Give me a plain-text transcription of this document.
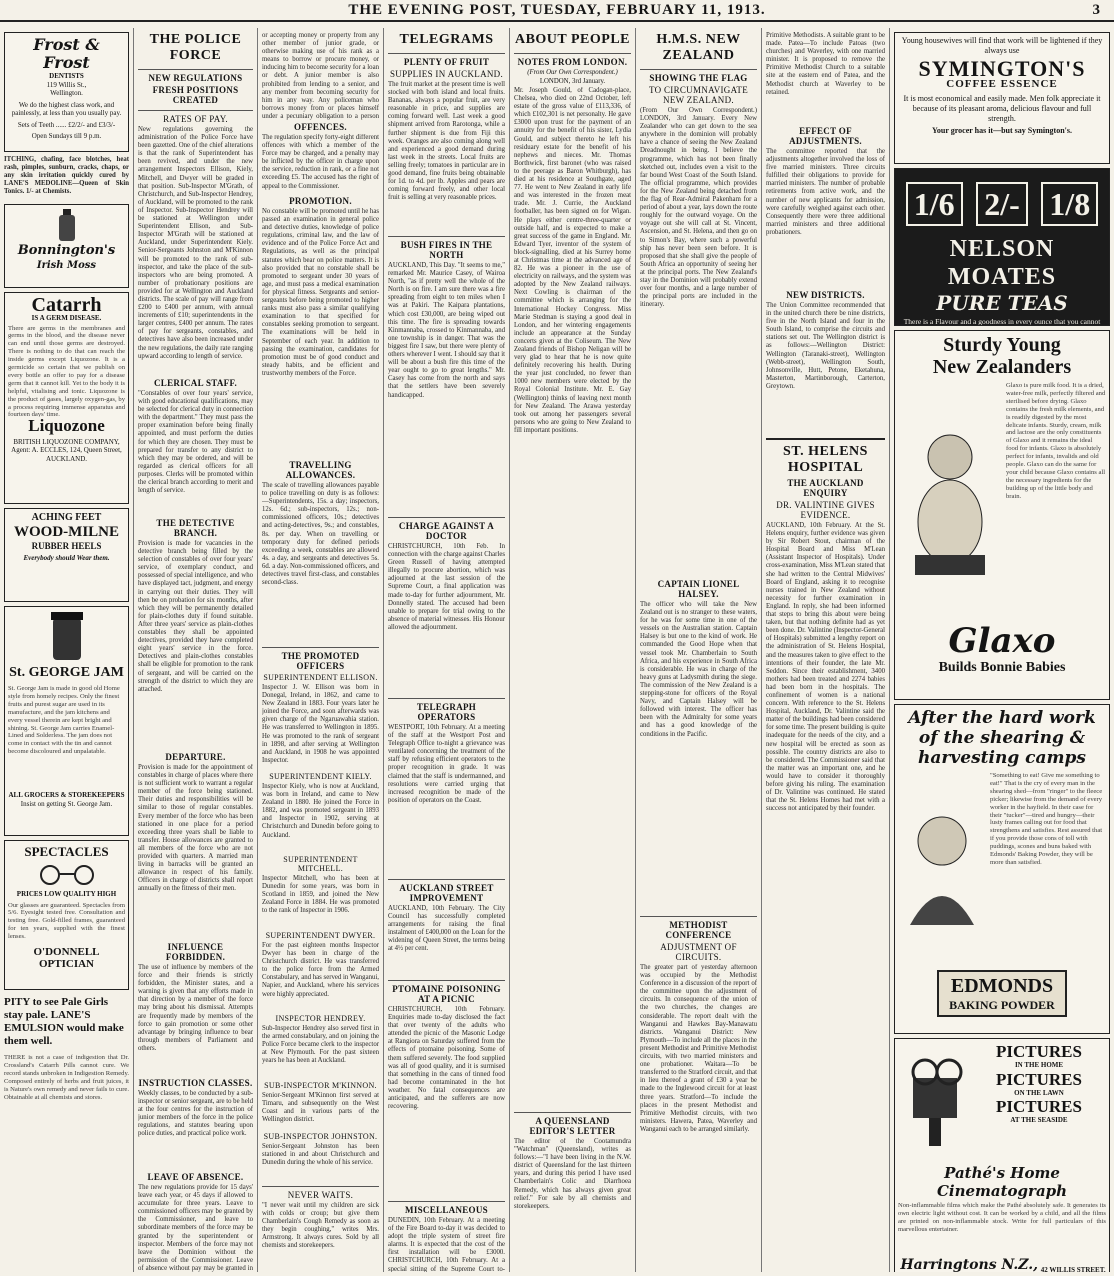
THE EVENING POST, TUESDAY, FEBRUARY 11, 1913.	3
Frost & Frost
DENTISTS
119 Willis St.,
Wellington.
We do the highest class work, and painlessly, at less than you usually pay.
Sets of Teeth ...... £2/2/- and £3/3/-
Open Sundays till 9 p.m.
ITCHING, chafing, face blotches, heat rash, pimples, sunburn, cracks, chaps, or any skin irritation quickly cured by LANE'S MEDOLINE—Queen of Skin Tonics. 1/- at Chemists.
Bonnington's
Irish Moss
Catarrh
IS A GERM DISEASE.
There are germs in the membranes and germs in the blood, and the disease never can end until those germs are destroyed. There is nothing to do that can reach the inside germs except Liquozone. It is a germicide so certain that we publish on every bottle an offer to pay for a disease germ that it cannot kill. Yet to the body it is helpful, vitalising and tonic. Liquozone is the product of gases, largely oxygen-gas, by a process requiring immense apparatus and fourteen days' time.
Liquozone
BRITISH LIQUOZONE COMPANY, Agent: A. ECCLES, 124, Queen Street, AUCKLAND.
ACHING FEET
WOOD-MILNE
RUBBER HEELS
Everybody should Wear them.
St. GEORGE JAM
St. George Jam is made in good old Home style from homely recipes. Only the finest fruits and purest sugar are used in its manufacture, and the jam kitchens and every vessel therein are kept bright and shining. St. George Jam carries Enamel-Lined and Solderless. The jam does not come in contact with the tin and cannot become discoloured and unpalatable.
ALL GROCERS & STOREKEEPERS
Insist on getting St. George Jam.
SPECTACLES
PRICES LOW QUALITY HIGH
Our glasses are guaranteed. Spectacles from 5/6. Eyesight tested free. Consultation and testing free. Gold-filled frames, guaranteed for ten years, supplied with the finest lenses.
O'DONNELL OPTICIAN
PITY to see Pale Girls stay pale. LANE'S EMULSION would make them well.
THERE is not a case of indigestion that Dr. Crossland's Catarrh Pills cannot cure. We record stands unbroken in Indigestion Remedy. Composed entirely of herbs and fruit juices, it is Nature's own remedy and never fails to cure. Obtainable at all chemists and stores.
THE POLICE FORCE
NEW REGULATIONS
FRESH POSITIONS CREATED
RATES OF PAY.
New regulations governing the administration of the Police Force have been gazetted. One of the chief alterations is that the rank of Superintendent has been revived, and under the new arrangement Inspectors Ellison, Kiely, Mitchell, and Dwyer will be graded in that position. Sub-Inspector M'Grath, of Christchurch, and Sub-Inspector Hendrey, of Auckland, will be promoted to the rank of Inspector. Sub-Inspector Hendrey will be stationed at Wellington under Superintendent Ellison, and Sub-Inspector M'Grath will be stationed at Auckland, under Superintendent Kiely. Senior-Sergeants Johnston and M'Kinnon will be promoted to the rank of sub-inspector, and take the place of the sub-inspectors who are being promoted. A number of probationary positions are provided for at Wellington and Auckland districts. The scale of pay will range from £200 to £400 per annum, with annual increments of £10; superintendents in the larger centres, £400 per annum. The rates of pay for sergeants, constables, and detectives have also been increased under the new regulations, the daily rate ranging upward according to length of service.
CLERICAL STAFF.
"Constables of over four years' service, with good educational qualifications, may be selected for clerical duty in connection with the department." They must pass the proper examination before being finally appointed, and must perform the duties for which they are chosen. They must be prepared for transfer to any district to which they may be ordered, and will be regarded as clerical officers for all purposes. Clerks will be promoted within the clerical branch according to merit and length of service.
THE DETECTIVE BRANCH.
Provision is made for vacancies in the detective branch being filled by the selection of constables of over four years' service, of exemplary conduct, and possessed of special intelligence, and who have displayed tact, judgment, and energy in carrying out their duties. They will then be on probation for six months, after which they will be permanently detailed for plain-clothes duty if found suitable. After three years' service as plain-clothes constables they shall be appointed detectives, provided they have completed eight years' service in the force. Detectives and plain-clothes constables shall be eligible for promotion to the rank of sergeant, and will be carried on the strength of the district to which they are attached.
DEPARTURE.
Provision is made for the appointment of constables in charge of places where there is not sufficient work to warrant a regular member of the force being stationed. Their duties and responsibilities will be similar to those of regular constables. Every member of the force who has been stationed in one place for a period exceeding three years shall be liable to transfer. House allowances are granted to all members of the force who are not provided with quarters. A married man living in barracks will be granted an allowance in respect of his family. Officers in charge of districts shall report annually on the fitness of their men.
INFLUENCE FORBIDDEN.
The use of influence by members of the force and their friends is strictly forbidden, the Minister states, and a warning is given that any efforts made in that direction by a member of the force may bring about his dismissal. Attempts are frequently made by members of the force to gain promotion or some other advantage by bringing influence to bear through members of Parliament and others.
INSTRUCTION CLASSES.
Weekly classes, to be conducted by a sub-inspector or senior sergeant, are to be held at the four centres for the instruction of junior members of the force in the police regulations, and statutes bearing upon police duties, and practical police work.
LEAVE OF ABSENCE.
The new regulations provide for 15 days' leave each year, or 45 days if allowed to accumulate for three years. Leave to commissioned officers may be granted by the Commissioner, and leave to subordinate members of the force may be granted by the superintendent or inspector. Members of the force may not leave the Dominion without the permission of the Commissioner. Leave of absence without pay may be granted in
or accepting money or property from any other member of junior grade, or otherwise making use of his rank as a means to borrow or procure money, or inducing him to become security for a loan or debt. A junior member is also prohibited from lending to a senior, and any member from becoming security for him in any way. Any policeman who borrows money from or places himself under a pecuniary obligation to a person
OFFENCES.
The regulation specify forty-eight different offences with which a member of the Force may be charged, and a penalty may be inflicted by the officer in charge upon the service, reduction in rank, or a fine not exceeding £5. The accused has the right of appeal to the Commissioner.
PROMOTION.
No constable will be promoted until he has passed an examination in general police and detective duties, knowledge of police regulations, criminal law, and the law of evidence and of the Police Force Act and Regulations, as well as the principal statutes which bear on police matters. It is also provided that no constable shall be promoted to sergeant under 30 years of age, and must pass a medical examination for physical fitness. Sergeants and senior-sergeants before being promoted to higher ranks must also pass a similar qualifying examination to that specified for constables seeking promotion to sergeant. The examinations will be held in September of each year. In addition to passing the examination, candidates for promotion must be of good conduct and steady habits, and be efficient and trustworthy members of the Force.
TRAVELLING ALLOWANCES.
The scale of travelling allowances payable to police travelling on duty is as follows:—Superintendents, 15s. a day; inspectors, 12s. 6d.; sub-inspectors, 12s.; non-commissioned officers, 10s.; detectives and acting-detectives, 9s.; and constables, 8s. per day. When on travelling or temporary duty for defined periods exceeding a week, constables are allowed 4s. a day, and sergeants and detectives 5s. 6d. a day. Non-commissioned officers, and detectives travel first-class, and constables second-class.
THE PROMOTED OFFICERS
SUPERINTENDENT ELLISON.
Inspector J. W. Ellison was born in Donegal, Ireland, in 1862, and came to New Zealand in 1883. Four years later he joined the Force, and soon afterwards was given charge of the Ngaruawahia station. He was transferred to Wellington in 1895. He was promoted to the rank of sergeant in 1898, and after serving at Wellington and Auckland, in 1908 he was appointed Inspector.
SUPERINTENDENT KIELY.
Inspector Kiely, who is now at Auckland, was born in Ireland, and came to New Zealand in 1880. He joined the Force in 1882, and was promoted sergeant in 1893 and Inspector in 1902, serving at Christchurch and Dunedin before going to Auckland.
SUPERINTENDENT MITCHELL.
Inspector Mitchell, who has been at Dunedin for some years, was born in Scotland in 1859, and joined the New Zealand Force in 1884. He was promoted to the rank of Inspector in 1906.
SUPERINTENDENT DWYER.
For the past eighteen months Inspector Dwyer has been in charge of the Christchurch district. He was transferred to the police force from the Armed Constabulary, and has served in Wanganui, Napier, and Auckland, where his services were highly appreciated.
INSPECTOR HENDREY.
Sub-Inspector Hendrey also served first in the armed constabulary, and on joining the Police Force became clerk to the inspector at New Plymouth. For the past sixteen years he has been at Auckland.
SUB-INSPECTOR M'KINNON.
Senior-Sergeant M'Kinnon first served at Timaru, and subsequently on the West Coast and in various parts of the Wellington district.
SUB-INSPECTOR JOHNSTON.
Senior-Sergeant Johnston has been stationed in and about Christchurch and Dunedin during the whole of his service.
NEVER WAITS.
"I never wait until my children are sick with colds or croup; but give them Chamberlain's Cough Remedy as soon as they begin coughing," writes Mrs. Armstrong. It always cures. Sold by all chemists and storekeepers.
TELEGRAMS
PLENTY OF FRUIT
SUPPLIES IN AUCKLAND.
The fruit market at the present time is well stocked with both island and local fruits. Bananas, always a popular fruit, are very reasonable in price, and supplies are coming forward well. Last week a good shipment arrived from Rarotonga, while a further shipment is due from Fiji this week. Oranges are also coming along well and experienced a good demand during last week in the streets. Local fruits are selling freely; tomatoes in particular are in good demand, fine fruits being obtainable for 1d. to 4d. per lb. Apples and pears are coming forward freely, and other local fruit is selling at very reasonable prices.
BUSH FIRES IN THE NORTH
AUCKLAND, This Day. "It seems to me," remarked Mr. Maurice Casey, of Wairoa North, "as if pretty well the whole of the North is on fire. I am sure there was a fire spreading from eight to ten miles when I was at Pakiri. The Kaipara plantations, which cost £30,000, are being wiped out this time. The fire is spreading towards Kinmannaba, crossed to Kinmannaba, and one township is in danger. That was the biggest fire I saw, but there were plenty of others wherever I went. I should say that it will be about a bush fire this time of the year ought to go to great lengths." Mr. Casey has come from the north and says that the settlers have been severely handicapped.
CHARGE AGAINST A DOCTOR
CHRISTCHURCH, 10th Feb. In connection with the charge against Charles Green Russell of having attempted illegally to procure abortion, which was adjourned at the last session of the Supreme Court, a final application was made to-day for further adjournment, Mr. Donnelly stated. The accused had been unable to prepare for trial owing to the absence of material witnesses. His Honour allowed the adjournment.
TELEGRAPH OPERATORS
WESTPORT, 10th February. At a meeting of the staff at the Westport Post and Telegraph Office to-night a grievance was ventilated concerning the treatment of the staff by refusing efficient operators to the proper recognition in grade. It was claimed that the staff is undermanned, and resolutions were carried urging that increased recognition be made of the position of operators on the Coast.
AUCKLAND STREET IMPROVEMENT
AUCKLAND, 10th February. The City Council has successfully completed arrangements for raising the final instalment of £400,000 on the Loan for the widening of Queen Street, the terms being at 4½ per cent.
PTOMAINE POISONING AT A PICNIC
CHRISTCHURCH, 10th February. Enquiries made to-day disclosed the fact that over twenty of the adults who attended the picnic of the Masonic Lodge at Rangiora on Saturday suffered from the effects of ptomaine poisoning. Some of them suffered severely. The food supplied was all of good quality, and it is surmised that something in the cans of tinned food had become contaminated in the hot weather. No fatal consequences are anticipated, and the sufferers are now recovering.
MISCELLANEOUS
DUNEDIN, 10th February. At a meeting of the Fire Board to-day it was decided to adopt the triple system of street fire alarms. It is expected that the cost of the first installation will be £3000. CHRISTCHURCH, 10th February. At a special sitting of the Supreme Court to-
ABOUT PEOPLE
NOTES FROM LONDON.
(From Our Own Correspondent.)
LONDON, 3rd January.
Mr. Joseph Gould, of Cadogan-place, Chelsea, who died on 22nd October, left estate of the gross value of £113,336, of which £102,301 is net personalty. He gave £3000 upon trust for the payment of an annuity for the benefit of his sister, Lydia Gould, and subject thereto he left his residuary estate for the benefit of his nephews and nieces. Mr. Thomas Borthwick, first baronet (who was raised to the peerage as Baron Whitburgh), has died at his residence at Southgate, aged 77. He went to New Zealand in early life and was interested in the frozen meat trade. Mr. J. Currie, the Auckland footballer, has been signed on for Wigan. He plays either centre-three-quarter or outside half, and is expected to make a great success of the game in England. Mr. Edward Tyer, inventor of the system of block-signalling, died at his Surrey home at Christmas time at the advanced age of 82. He was a pioneer in the use of electricity on railways, and the system was adopted by the New Zealand railways. Next Cowling is chairman of the committee which is arranging for the International Hockey Congress. Miss Marie Stedman is staying a good deal in London, and her wintering engagements include an appearance at the Sunday concerts given at the Coliseum. The New Zealand friends of Bishop Neligan will be very glad to hear that he is now quite definitely recovering his health. During the year just concluded, no fewer than 1000 new members were elected by the Royal Colonial Institute. Mr. E. Gay (Wellington) thinks of leaving next month for New Zealand. The Arawa yesterday took out among her passengers several persons who are going to New Zealand to fill important positions.
A QUEENSLAND EDITOR'S LETTER
The editor of the Cootamundra "Watchman" (Queensland), writes as follows:—"I have been living in the N.W. district of Queensland for the last thirteen years, and during this period I have used Chamberlain's Colic and Diarrhoea Remedy, which has always given great relief." For sale by all chemists and storekeepers.
H.M.S. NEW ZEALAND
SHOWING THE FLAG
TO CIRCUMNAVIGATE NEW ZEALAND.
(From Our Own Correspondent.) LONDON, 3rd January. Every New Zealander who can get down to the sea anywhere in the dominion will probably have a chance of seeing the New Zealand Dreadnought in being. I believe the programme, which has not been finally sketched out, includes even a visit to the far bound West Coast of the South Island. The official programme, which provides for the New Zealand being detached from the flag of Rear-Admiral Pakenham for a period of about a year, lays down the route roughly for the outward voyage. On the voyage out she will call at St. Vincent, Ascension, and St. Helena, and then go on to Simon's Bay, where such a powerful ship has never been seen before. It is proposed that she shall give the people of South Africa an opportunity of seeing her at the principal ports. The New Zealand's stay in the Dominion will probably extend over four months, and a large number of the principal ports are included in the itinerary.
CAPTAIN LIONEL HALSEY.
The officer who will take the New Zealand out is no stranger to these waters, for he was for some time in one of the vessels on the Australian station. Captain Halsey is but one to the kind of work. He commanded the Good Hope when that vessel took Mr. Chamberlain to South Africa, and his experience in South Africa is considerable. He was in charge of the heavy guns at Ladysmith during the siege. The commission of the New Zealand is a stepping-stone for officers of the Royal Navy, and Captain Halsey will be followed with interest. The officer has been with the Admiralty for some years and has a good knowledge of the conditions in the Pacific.
METHODIST CONFERENCE
ADJUSTMENT OF CIRCUITS.
The greater part of yesterday afternoon was occupied by the Methodist Conference in a discussion of the report of the committee upon the adjustment of circuits. In consequence of the union of the two churches, the changes are considerable. The report dealt with the Wanganui and Hawkes Bay-Manawatu districts. Wanganui District: New Plymouth—To include all the places in the present Methodist and Primitive Methodist circuits, with two married ministers and one probationer. Waitara—To be transferred to the Stratford circuit, and that in lieu thereof a grant of £30 a year be made to the Inglewood circuit for at least three years. Stratford—To include the places in the present Methodist and Primitive Methodist circuits, with two ministers. Hawera, Patea, Waverley and Wanganui each to be arranged similarly.
Primitive Methodists. A suitable grant to be made. Patea—To include Patoas (two churches) and Waverley, with one married minister. It is proposed to remove the Primitive Methodist Church to a suitable site at the eastern end of Patea, and the Methodist church at Waverley to be retained.
EFFECT OF ADJUSTMENTS.
The committee reported that the adjustments altogether involved the loss of five married ministers. Three circuits fulfilled their obligations to provide for married ministers. The number of probable retirements from active work, and the number of new applicants for admission, were carefully weighed against each other. Consequently there were three additional married ministers and three additional probationers.
NEW DISTRICTS.
The Union Committee recommended that in the united church there be nine districts, five in the North Island and four in the South Island, to comprise the circuits and stations set out. The Wellington district is as follows:—Wellington District: Wellington (Taranaki-street), Wellington (Webb-street), Wellington South, Johnsonville, Hutt, Petone, Eketahuna, Masterton, Martinborough, Carterton, Greytown.
ST. HELENS HOSPITAL
THE AUCKLAND ENQUIRY
DR. VALINTINE GIVES EVIDENCE.
AUCKLAND, 10th February. At the St. Helens enquiry, further evidence was given by Sir Robert Stout, chairman of the Hospital Board and Miss M'Lean (Assistant Inspector of Hospitals). Under cross-examination, Miss M'Lean stated that she had written to the Central Midwives' Board of England, asking it to recognise nurses trained in New Zealand without necessity for further examination in England. In reply, she had been informed that steps to bring this about were being taken, but that nothing definite had as yet been done. Dr. Valintine (Inspector-General of Hospitals) submitted a lengthy report on the administration of St. Helens Hospital, and the measures taken to give effect to the intentions of their founder, the late Mr. Seddon. Since their establishment, 3400 mothers had been treated and 2274 babies had been born in the hospitals. The confinement of women is a national concern. With reference to the St. Helens Hospital, Auckland, Dr. Valintine said the matter of the buildings had been considered for some time. The present building is quite inadequate for the needs of the city, and a new hospital will be erected as soon as possible. The country districts are also to be considered. The Commissioner said that the matter was an important one, and he would have to consider it thoroughly before giving his ruling. The examination of Dr. Valintine was continued. He stated that the St. Helens Homes had met with a success not anticipated by their founder.
Young housewives will find that work will be lightened if they always use
SYMINGTON'S
COFFEE ESSENCE
It is most economical and easily made. Men folk appreciate it because of its pleasant aroma, delicious flavour and full strength.
Your grocer has it—but say Symington's.
1/6 2/- 1/8
NELSON MOATES
PURE TEAS
There is a Flavour and a goodness in every ounce that you cannot
Sturdy Young
New Zealanders
Glaxo is pure milk food. It is a dried, water-free milk, perfectly filtered and sterilised before drying. Glaxo contains the fresh milk elements, and is readily digested by the most delicate infants. Sturdy, cream, milk and lactose are the only constituents of Glaxo and it remains the ideal food for infants. Glaxo is absolutely perfect for infants, invalids and old people. Glaxo can do the same for your child because Glaxo contains all the necessary ingredients for the building up of the little body and brain.
Glaxo
Builds Bonnie Babies
After the hard work of the shearing & harvesting camps
"Something to eat! Give me something to eat!" That is the cry of every man in the shearing shed—from "ringer" to the fleece picker; likewise from the demand of every worker in the hayfield. In their case for their "tucker"—tired and hungry—their lusty frames calling out for food that strengthens and satisfies. Rest assured that if you provide those cons of toll with puddings, scones and buns baked with Edmonds' Baking Powder, they will be more than satisfied.
EDMONDS
BAKING POWDER
PICTURES
IN THE HOME
PICTURES
ON THE LAWN
PICTURES
AT THE SEASIDE
Pathé's Home Cinematograph
Non-inflammable films which make the Pathé absolutely safe. It generates its own electric light without cost. It can be worked by a child, and all the films are printed on non-inflammable stock. Write for full particulars of this marvellous entertainer.
Harringtons N.Z., 42 WILLIS STREET,
